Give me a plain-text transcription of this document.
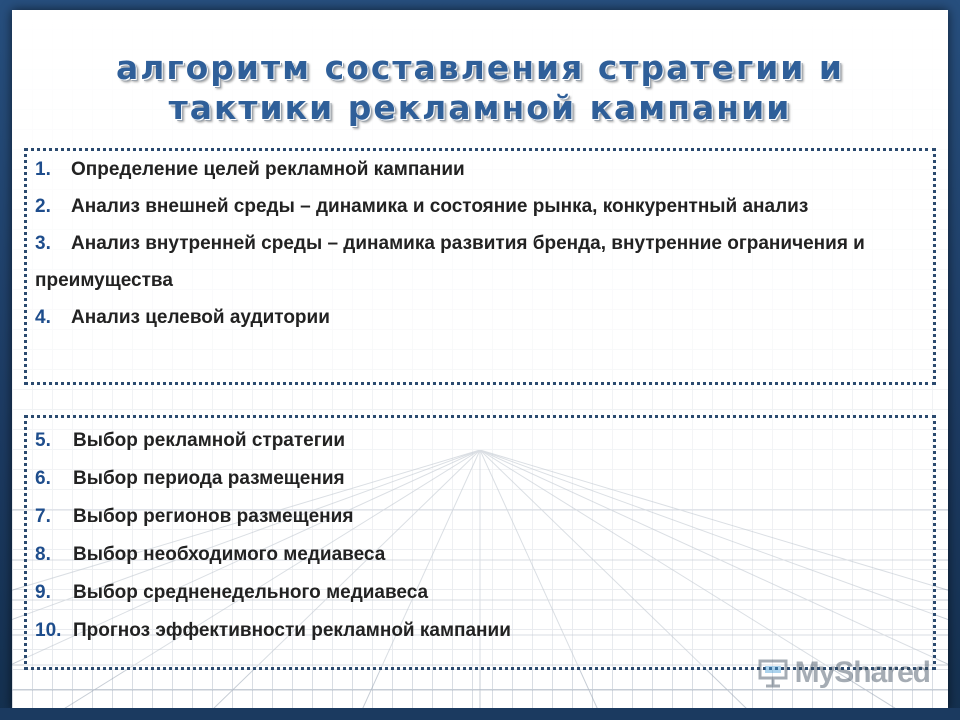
алгоритм составления стратегии и тактики рекламной кампании
1. Определение целей рекламной кампании
2. Анализ внешней среды – динамика и состояние рынка, конкурентный анализ
3. Анализ внутренней среды – динамика развития бренда, внутренние ограничения и преимущества
4. Анализ целевой аудитории
5. Выбор рекламной стратегии
6. Выбор периода размещения
7. Выбор регионов размещения
8. Выбор необходимого медиавеса
9. Выбор средненедельного медиавеса
10. Прогноз эффективности рекламной кампании
MyShared
